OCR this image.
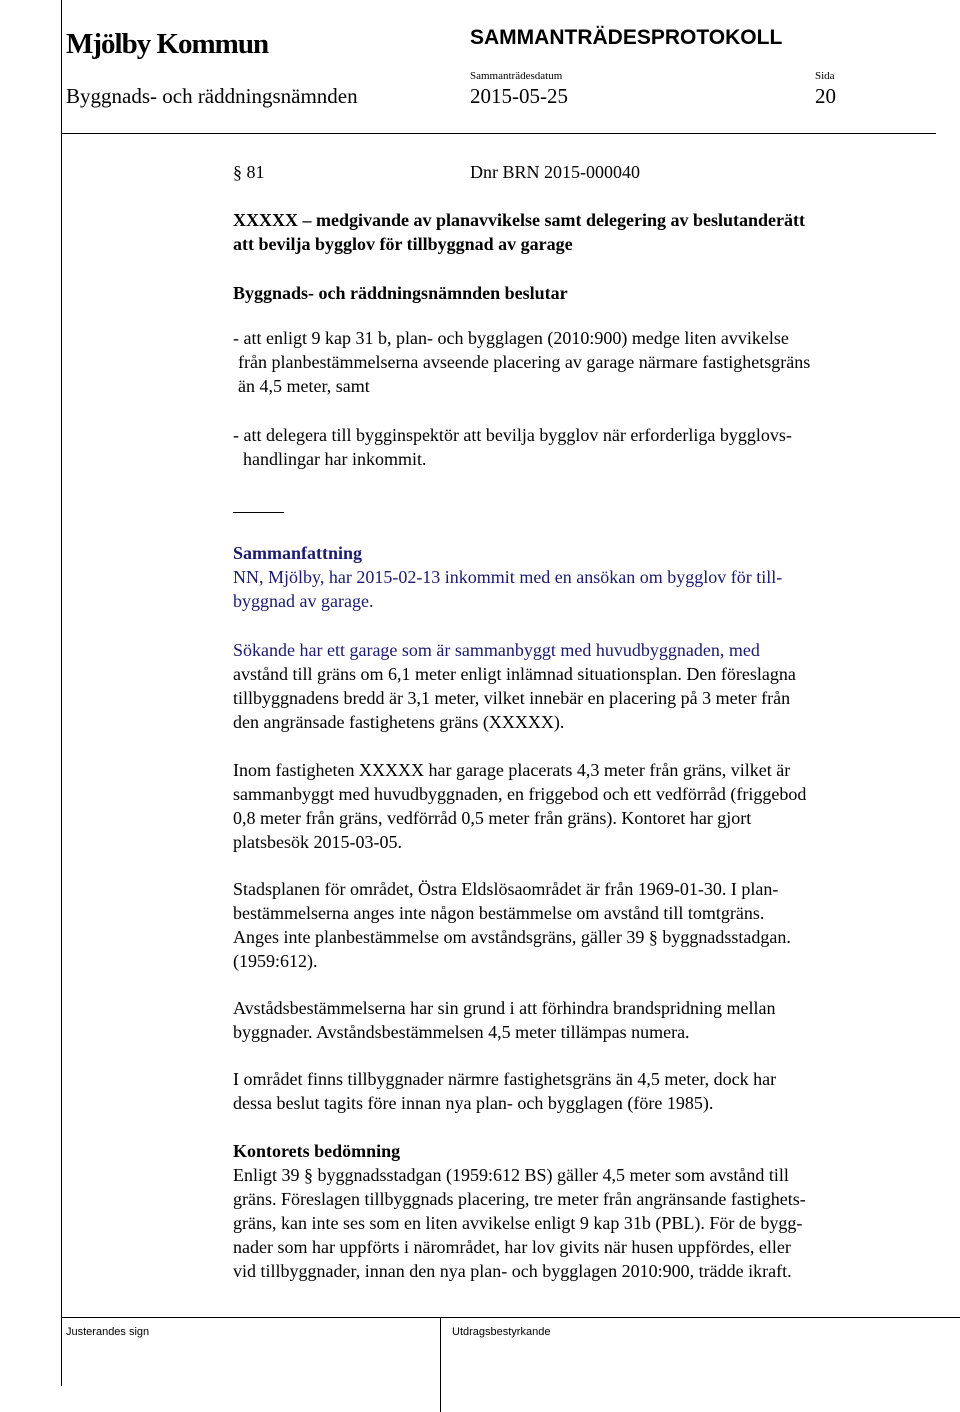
Mjölby Kommun	SAMMANTRÄDESPROTOKOLL
Byggnads- och räddningsnämnden
Sammanträdesdatum
2015-05-25
Sida
20
§ 81	Dnr BRN 2015-000040
XXXXX – medgivande av planavvikelse samt delegering av beslutanderätt
att bevilja bygglov för tillbyggnad av garage
Byggnads- och räddningsnämnden beslutar
- att enligt 9 kap 31 b, plan- och bygglagen (2010:900) medge liten avvikelse
från planbestämmelserna avseende placering av garage närmare fastighetsgräns
än 4,5 meter, samt
- att delegera till bygginspektör att bevilja bygglov när erforderliga bygglovs-
handlingar har inkommit.
Sammanfattning
NN, Mjölby, har 2015-02-13 inkommit med en ansökan om bygglov för till-
byggnad av garage.
Sökande har ett garage som är sammanbyggt med huvudbyggnaden, med
avstånd till gräns om 6,1 meter enligt inlämnad situationsplan. Den föreslagna
tillbyggnadens bredd är 3,1 meter, vilket innebär en placering på 3 meter från
den angränsade fastighetens gräns (XXXXX).
Inom fastigheten XXXXX har garage placerats 4,3 meter från gräns, vilket är
sammanbyggt med huvudbyggnaden, en friggebod och ett vedförråd (friggebod
0,8 meter från gräns, vedförråd 0,5 meter från gräns). Kontoret har gjort
platsbesök 2015-03-05.
Stadsplanen för området, Östra Eldslösaområdet är från 1969-01-30. I plan-
bestämmelserna anges inte någon bestämmelse om avstånd till tomtgräns.
Anges inte planbestämmelse om avståndsgräns, gäller 39 § byggnadsstadgan.
(1959:612).
Avstådsbestämmelserna har sin grund i att förhindra brandspridning mellan
byggnader. Avståndsbestämmelsen 4,5 meter tillämpas numera.
I området finns tillbyggnader närmre fastighetsgräns än 4,5 meter, dock har
dessa beslut tagits före innan nya plan- och bygglagen (före 1985).
Kontorets bedömning
Enligt 39 § byggnadsstadgan (1959:612 BS) gäller 4,5 meter som avstånd till
gräns. Föreslagen tillbyggnads placering, tre meter från angränsande fastighets-
gräns, kan inte ses som en liten avvikelse enligt 9 kap 31b (PBL). För de bygg-
nader som har uppförts i närområdet, har lov givits när husen uppfördes, eller
vid tillbyggnader, innan den nya plan- och bygglagen 2010:900, trädde ikraft.
Justerandes sign	Utdragsbestyrkande
